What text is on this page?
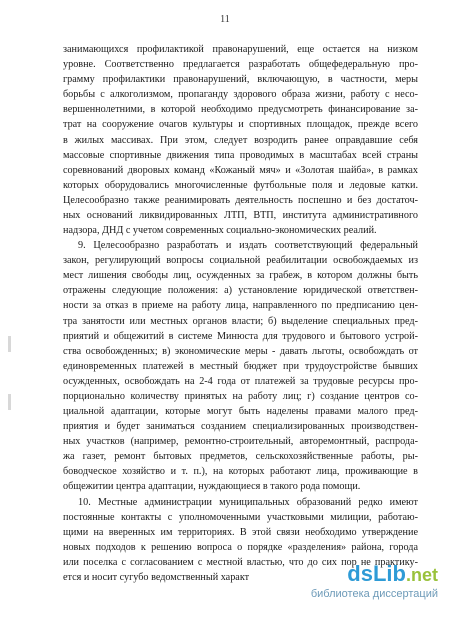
11
занимающихся профилактикой правонарушений, еще остается на низком
уровне. Соответственно предлагается разработать общефедеральную про-
грамму профилактики правонарушений, включающую, в частности, меры
борьбы с алкоголизмом, пропаганду здорового образа жизни, работу с несо-
вершеннолетними, в которой необходимо предусмотреть финансирование за-
трат на сооружение очагов культуры и спортивных площадок, прежде всего
в жилых массивах. При этом, следует возродить ранее оправдавшие себя
массовые спортивные движения типа проводимых в масштабах всей страны
соревнований дворовых команд «Кожаный мяч» и «Золотая шайба», в рамках
которых оборудовались многочисленные футбольные поля и ледовые катки.
Целесообразно также реанимировать деятельность поспешно и без достаточ-
ных оснований ликвидированных ЛТП, ВТП, института административного
надзора, ДНД с учетом современных социально-экономических реалий.
9. Целесообразно разработать и издать соответствующий федеральный
закон, регулирующий вопросы социальной реабилитации освобождаемых из
мест лишения свободы лиц, осужденных за грабеж, в котором должны быть
отражены следующие положения: а) установление юридической ответствен-
ности за отказ в приеме на работу лица, направленного по предписанию цен-
тра занятости или местных органов власти; б) выделение специальных пред-
приятий и общежитий в системе Минюста для трудового и бытового устрой-
ства освобожденных; в) экономические меры - давать льготы, освобождать от
единовременных платежей в местный бюджет при трудоустройстве бывших
осужденных, освобождать на 2-4 года от платежей за трудовые ресурсы про-
порционально количеству принятых на работу лиц; г) создание центров со-
циальной адаптации, которые могут быть наделены правами малого пред-
приятия и будет заниматься созданием специализированных производствен-
ных участков (например, ремонтно-строительный, авторемонтный, распрода-
жа газет, ремонт бытовых предметов, сельскохозяйственные работы, ры-
боводческое хозяйство и т. п.), на которых работают лица, проживающие в
общежитии центра адаптации, нуждающиеся в такого рода помощи.
10. Местные администрации муниципальных образований редко имеют
постоянные контакты с уполномоченными участковыми милиции, работаю-
щими на вверенных им территориях. В этой связи необходимо утверждение
новых подходов к решению вопроса о порядке «разделения» района, города
или поселка с согласованием с местной властью, что до сих пор не практику-
ется и носит сугубо ведомственный характ	dsLib.net
библиотека диссертаций
